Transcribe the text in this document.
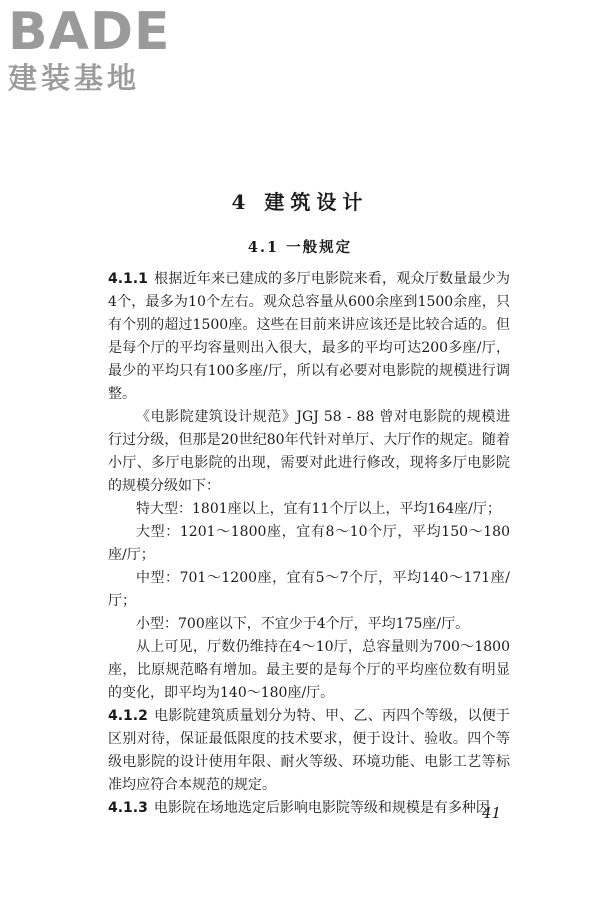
BADE
建装基地
4 建筑设计
4.1 一般规定

4.1.1 根据近年来已建成的多厅电影院来看，观众厅数量最少为4个，最多为10个左右。观众总容量从600余座到1500余座，只有个别的超过1500座。这些在目前来讲应该还是比较合适的。但是每个厅的平均容量则出入很大，最多的平均可达200多座/厅，最少的平均只有100多座/厅，所以有必要对电影院的规模进行调整。

《电影院建筑设计规范》JGJ 58 - 88 曾对电影院的规模进行过分级，但那是20世纪80年代针对单厅、大厅作的规定。随着小厅、多厅电影院的出现，需要对此进行修改，现将多厅电影院的规模分级如下：

特大型：1801座以上，宜有11个厅以上，平均164座/厅；

大型：1201～1800座，宜有8～10个厅，平均150～180座/厅；

中型：701～1200座，宜有5～7个厅，平均140～171座/厅；

小型：700座以下，不宜少于4个厅，平均175座/厅。

从上可见，厅数仍维持在4～10厅，总容量则为700～1800座，比原规范略有增加。最主要的是每个厅的平均座位数有明显的变化，即平均为140～180座/厅。

4.1.2 电影院建筑质量划分为特、甲、乙、丙四个等级，以便于区别对待，保证最低限度的技术要求，便于设计、验收。四个等级电影院的设计使用年限、耐火等级、环境功能、电影工艺等标准均应符合本规范的规定。

4.1.3 电影院在场地选定后影响电影院等级和规模是有多种因

41
